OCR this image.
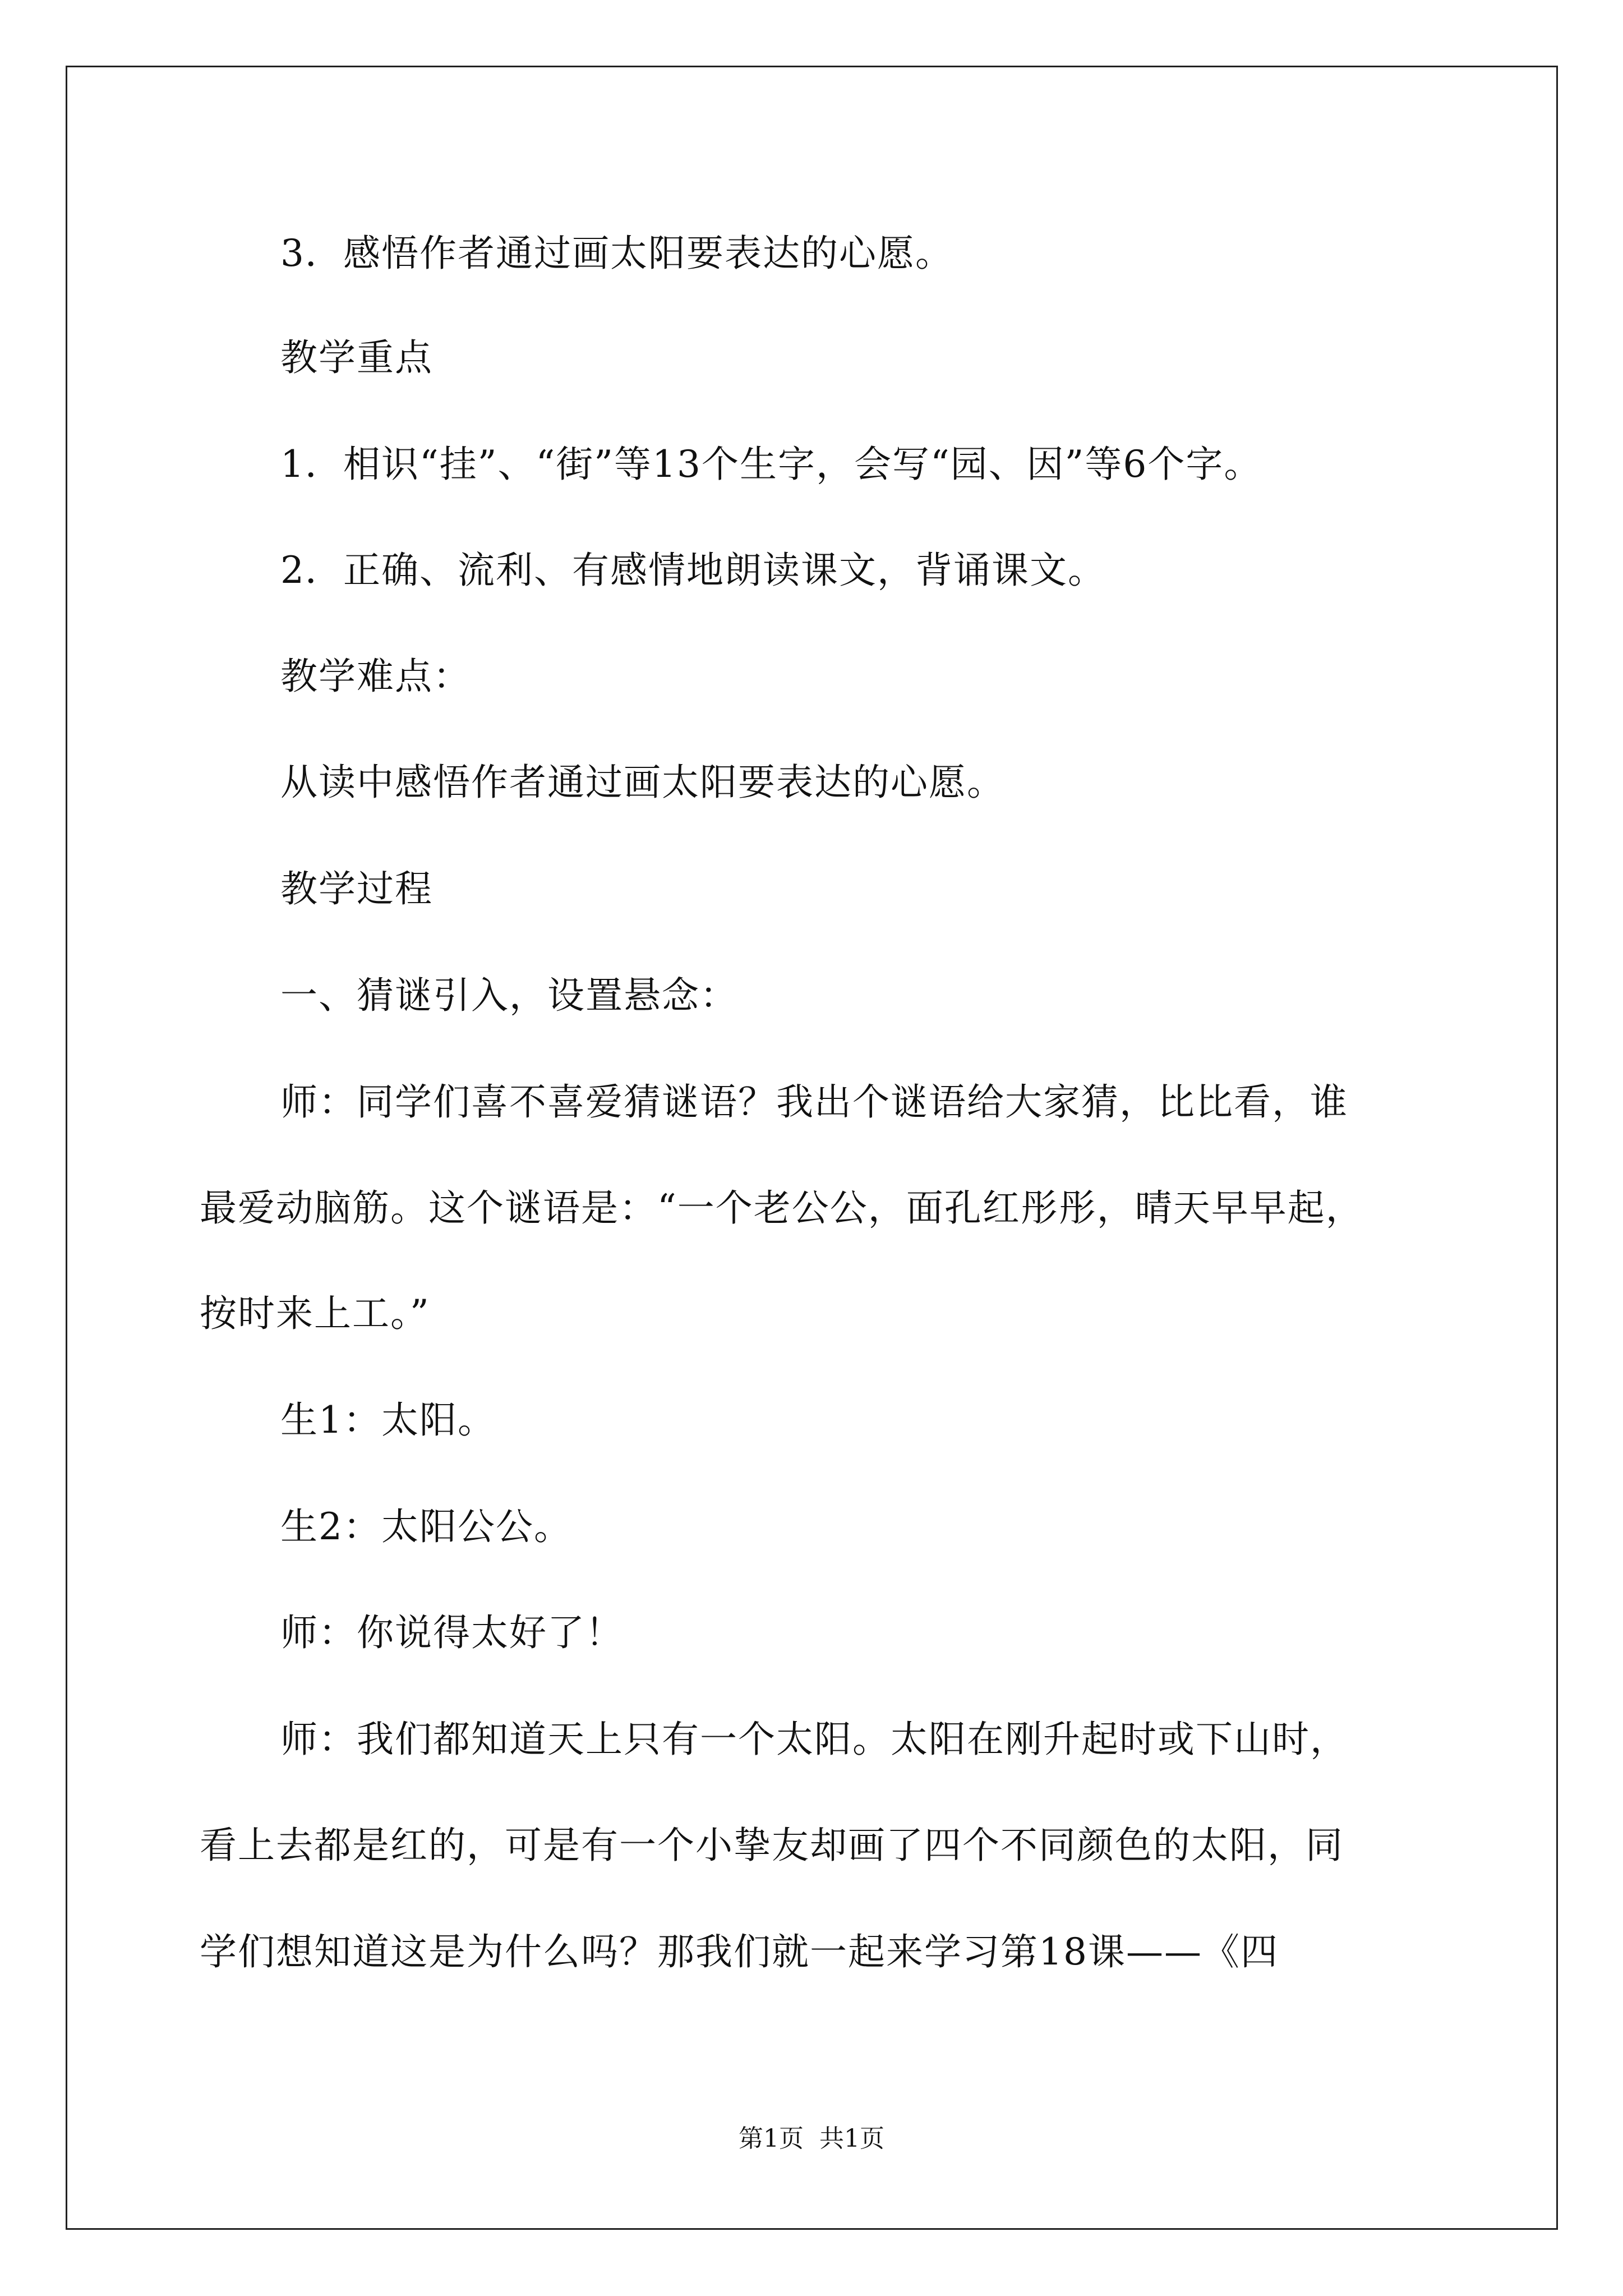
3．感悟作者通过画太阳要表达的心愿。
教学重点
1．相识“挂”、“街”等13个生字，会写“园、因”等6个字。
2．正确、流利、有感情地朗读课文，背诵课文。
教学难点：
从读中感悟作者通过画太阳要表达的心愿。
教学过程
一、猜谜引入，设置悬念：
师：同学们喜不喜爱猜谜语？我出个谜语给大家猜，比比看，谁
最爱动脑筋。这个谜语是：“一个老公公，面孔红彤彤，晴天早早起，
按时来上工。”
生1：太阳。
生2：太阳公公。
师：你说得太好了！
师：我们都知道天上只有一个太阳。太阳在刚升起时或下山时，
看上去都是红的，可是有一个小挚友却画了四个不同颜色的太阳，同
学们想知道这是为什么吗？那我们就一起来学习第18课——《四
第1页 共1页
